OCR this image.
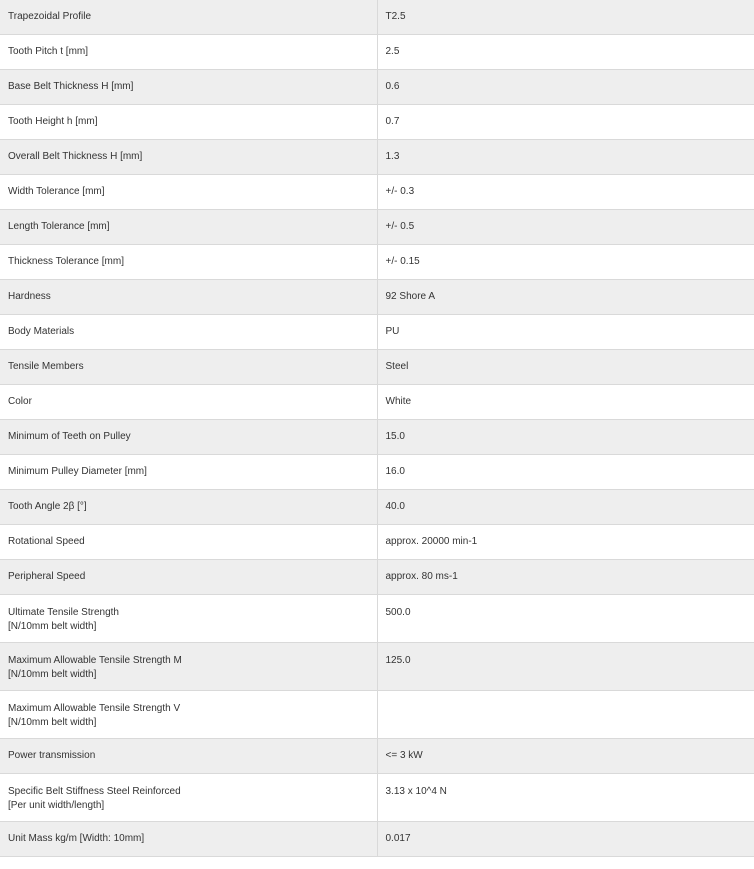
Trapezoidal Profile	T2.5

Tooth Pitch t [mm]	2.5

Base Belt Thickness H [mm]	0.6

Tooth Height h [mm]	0.7

Overall Belt Thickness H [mm]	1.3

Width Tolerance [mm]	+/- 0.3

Length Tolerance [mm]	+/- 0.5

Thickness Tolerance [mm]	+/- 0.15

Hardness	92 Shore A

Body Materials	PU

Tensile Members	Steel

Color	White

Minimum of Teeth on Pulley	15.0

Minimum Pulley Diameter [mm]	16.0

Tooth Angle 2β [°]	40.0

Rotational Speed	approx. 20000 min-1

Peripheral Speed	approx. 80 ms-1

Ultimate Tensile Strength
[N/10mm belt width]	500.0

Maximum Allowable Tensile Strength M
[N/10mm belt width]	125.0

Maximum Allowable Tensile Strength V
[N/10mm belt width]	

Power transmission	<= 3 kW

Specific Belt Stiffness Steel Reinforced
[Per unit width/length]	3.13 x 10^4 N

Unit Mass kg/m [Width: 10mm]	0.017
